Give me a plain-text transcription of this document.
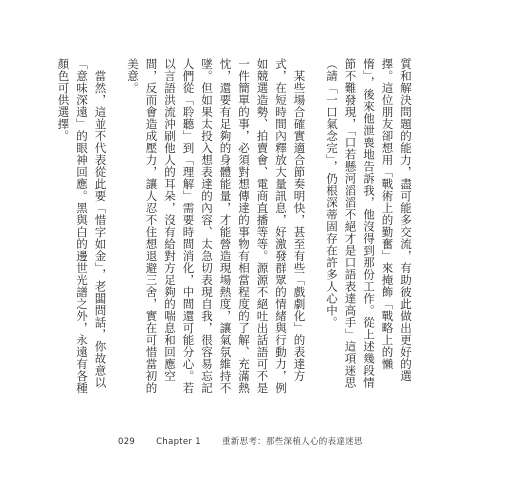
質和解決問題的能力，盡可能多交流，有助彼此做出更好的選擇。這位朋友卻想用「戰術上的勤奮」來掩飾「戰略上的懶惰」，後來他泄喪地告訴我，他沒得到那份工作。從上述幾段情節不難發現，「口若懸河滔滔不絕才是口語表達高手」這項迷思（請「一口氣念完」，仍根深蒂固存在許多人心中。

某些場合確實適合節奏明快，甚至有些「戲劇化」的表達方式，在短時間內釋放大量訊息，好激發群眾的情緒與行動力，例如競選造勢、拍賣會、電商直播等等。源源不絕吐出話語可不是一件簡單的事，必須對想傳達的事物有相當程度的了解、充滿熱忱，還要有足夠的身體能量，才能營造現場熱度，讓氣氛維持不墜。但如果太投入想表達的內容、太急切表現自我，很容易忘記人們從「聆聽」到「理解」需要時間消化，中間還可能分心。若以言語洪流沖刷他人的耳朵，沒有給對方足夠的喘息和回應空間，反而會造成壓力，讓人忍不住想退避三舍，實在可惜當初的美意。

當然，這並不代表從此要「惜字如金」，老闆問話，你故意以「意味深遠」的眼神回應。黑與白的邊世光譜之外，永遠有各種顏色可供選擇。

029 Chapter 1 重新思考：那些深植人心的表達迷思
